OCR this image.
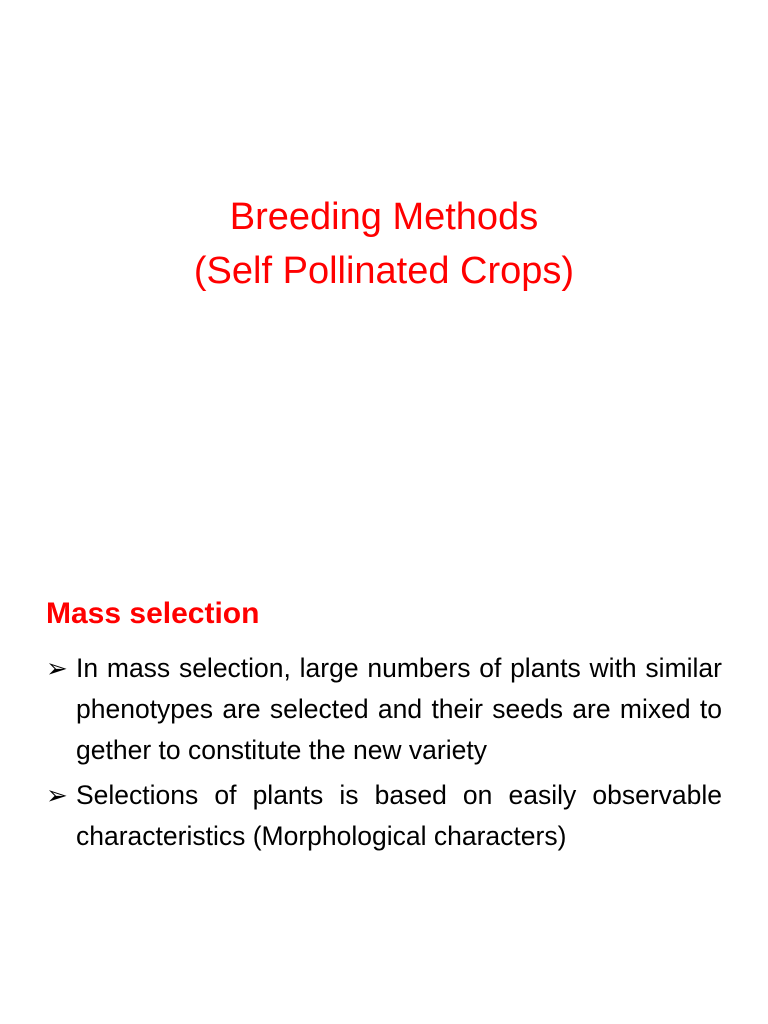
Breeding Methods
(Self Pollinated Crops)
Mass selection
➢ In mass selection, large numbers of plants with similar phenotypes are selected and their seeds are mixed to gether to constitute the new variety
➢ Selections of plants is based on easily observable characteristics (Morphological characters)
